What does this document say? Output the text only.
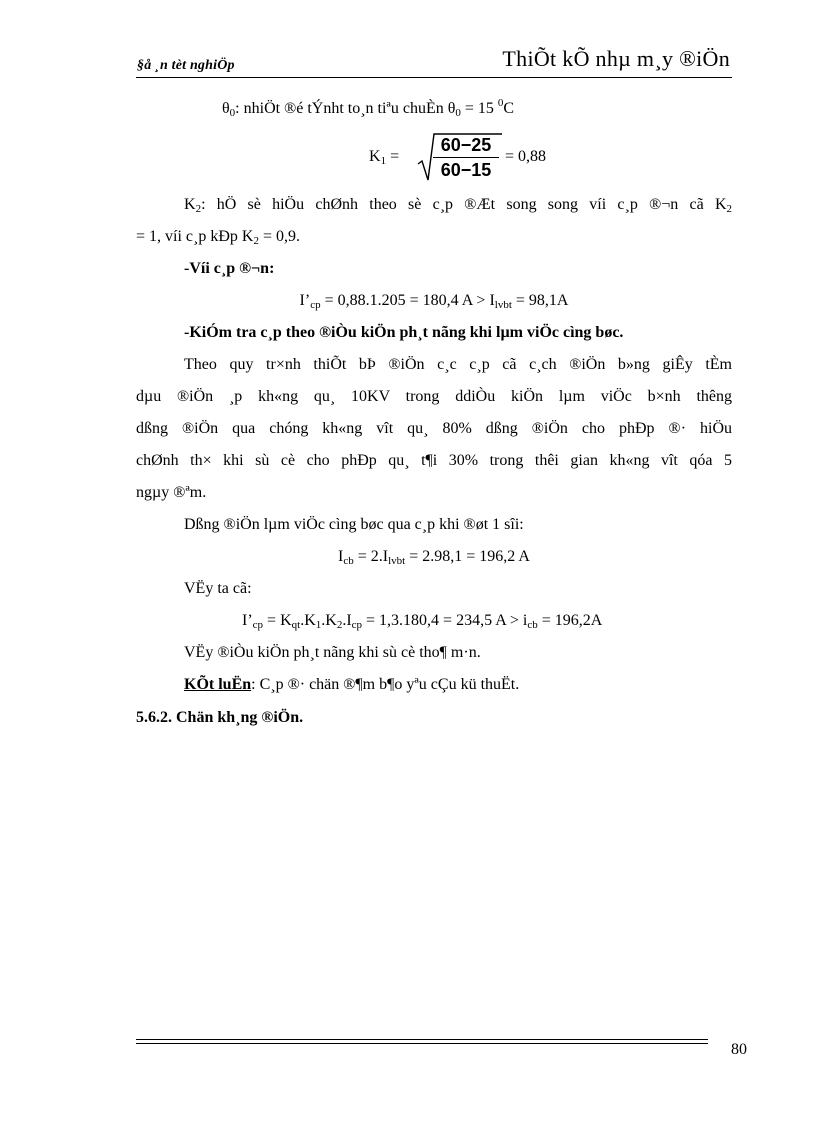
§å ¸n tèt nghiÖp	ThiÕt kÕ nhµ m¸y ®iÖn
$\theta_0$: nhiÖt ®é tÝnht to¸n tiªu chuÈn $\theta_0 = 15$ $^0$C
$K_2$: hÖ sè hiÖu chØnh theo sè c¸p ®Æt song song víi c¸p ®¬n cã $K_2$
= 1, víi c¸p kÐp $K_2 = 0,9$.
-Víi c¸p ®¬n:
$I’_{cp} = 0,88.1.205 = 180,4$ $A > I_{lvbt} = 98,1A$
-KiÓm tra c¸p theo ®iÒu kiÖn ph¸t nãng khi lµm viÖc cìng bøc.
Theo quy tr×nh thiÕt bÞ ®iÖn c¸c c¸p cã c¸ch ®iÖn b»ng giÊy tÈm
dµu ®iÖn ¸p kh«ng qu¸ 10KV trong ddiÒu kiÖn lµm viÖc b×nh thêng
dßng ®iÖn qua chóng kh«ng vît qu¸ 80% dßng ®iÖn cho phÐp ®· hiÖu
chØnh th× khi sù cè cho phÐp qu¸ t¶i 30% trong thêi gian kh«ng vît qóa 5
ngµy ®ªm.
Dßng ®iÖn lµm viÖc cìng bøc qua c¸p khi ®øt 1 sîi:
$I_{cb} = 2.I_{lvbt} = 2.98,1 = 196,2$ A
VËy ta cã:
$I’_{cp} = K_{qt}.K_1.K_2.I_{cp} = 1,3.180,4 = 234,5$ $A > i_{cb} = 196,2A$
VËy ®iÒu kiÖn ph¸t nãng khi sù cè tho¶ m·n.
KÕt luËn: C¸p ®· chän ®¶m b¶o yªu cÇu kü thuËt.
5.6.2. Chän kh¸ng ®iÖn.
$K_1$ =
60−25
60−15
= 0,88
80
